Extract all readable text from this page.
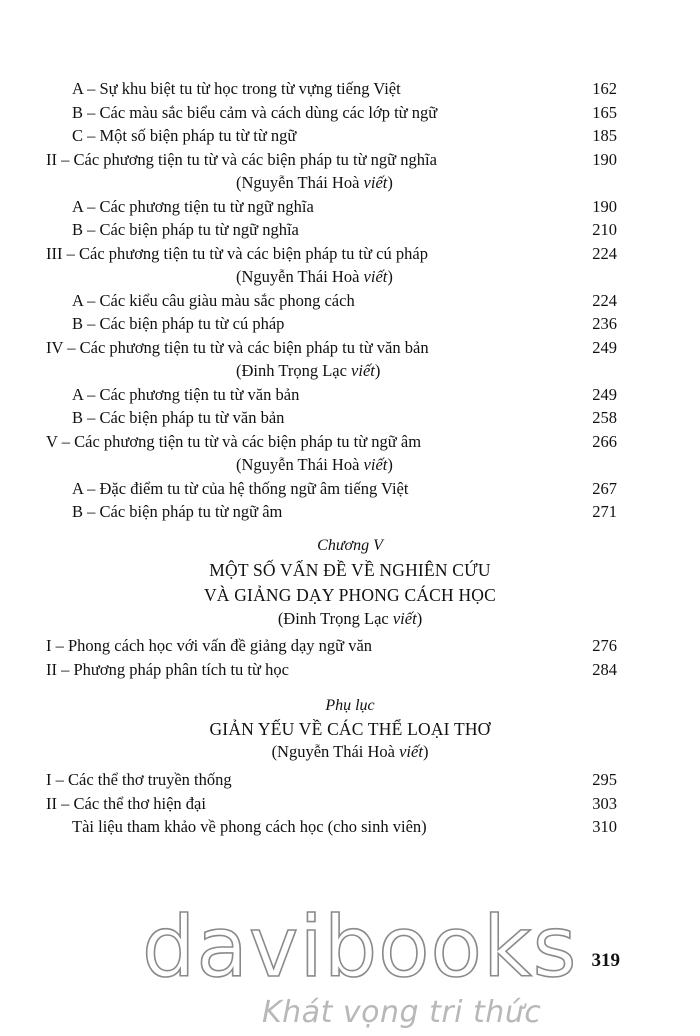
A – Sự khu biệt tu từ học trong từ vựng tiếng Việt	162
B – Các màu sắc biểu cảm và cách dùng các lớp từ ngữ	165
C – Một số biện pháp tu từ từ ngữ	185
II – Các phương tiện tu từ và các biện pháp tu từ ngữ nghĩa	190
(Nguyễn Thái Hoà viết)
A – Các phương tiện tu từ ngữ nghĩa	190
B – Các biện pháp tu từ ngữ nghĩa	210
III – Các phương tiện tu từ và các biện pháp tu từ cú pháp	224
(Nguyễn Thái Hoà viết)
A – Các kiểu câu giàu màu sắc phong cách	224
B – Các biện pháp tu từ cú pháp	236
IV – Các phương tiện tu từ và các biện pháp tu từ văn bản	249
(Đinh Trọng Lạc viết)
A – Các phương tiện tu từ văn bản	249
B – Các biện pháp tu từ văn bản	258
V – Các phương tiện tu từ và các biện pháp tu từ ngữ âm	266
(Nguyễn Thái Hoà viết)
A – Đặc điểm tu từ của hệ thống ngữ âm tiếng Việt	267
B – Các biện pháp tu từ ngữ âm	271
Chương V
MỘT SỐ VẤN ĐỀ VỀ NGHIÊN CỨU
VÀ GIẢNG DẠY PHONG CÁCH HỌC
(Đinh Trọng Lạc viết)
I – Phong cách học với vấn đề giảng dạy ngữ văn	276
II – Phương pháp phân tích tu từ học	284
Phụ lục
GIẢN YẾU VỀ CÁC THỂ LOẠI THƠ
(Nguyễn Thái Hoà viết)
I – Các thể thơ truyền thống	295
II – Các thể thơ hiện đại	303
Tài liệu tham khảo về phong cách học (cho sinh viên)	310
davibooks
Khát vọng tri thức
319
